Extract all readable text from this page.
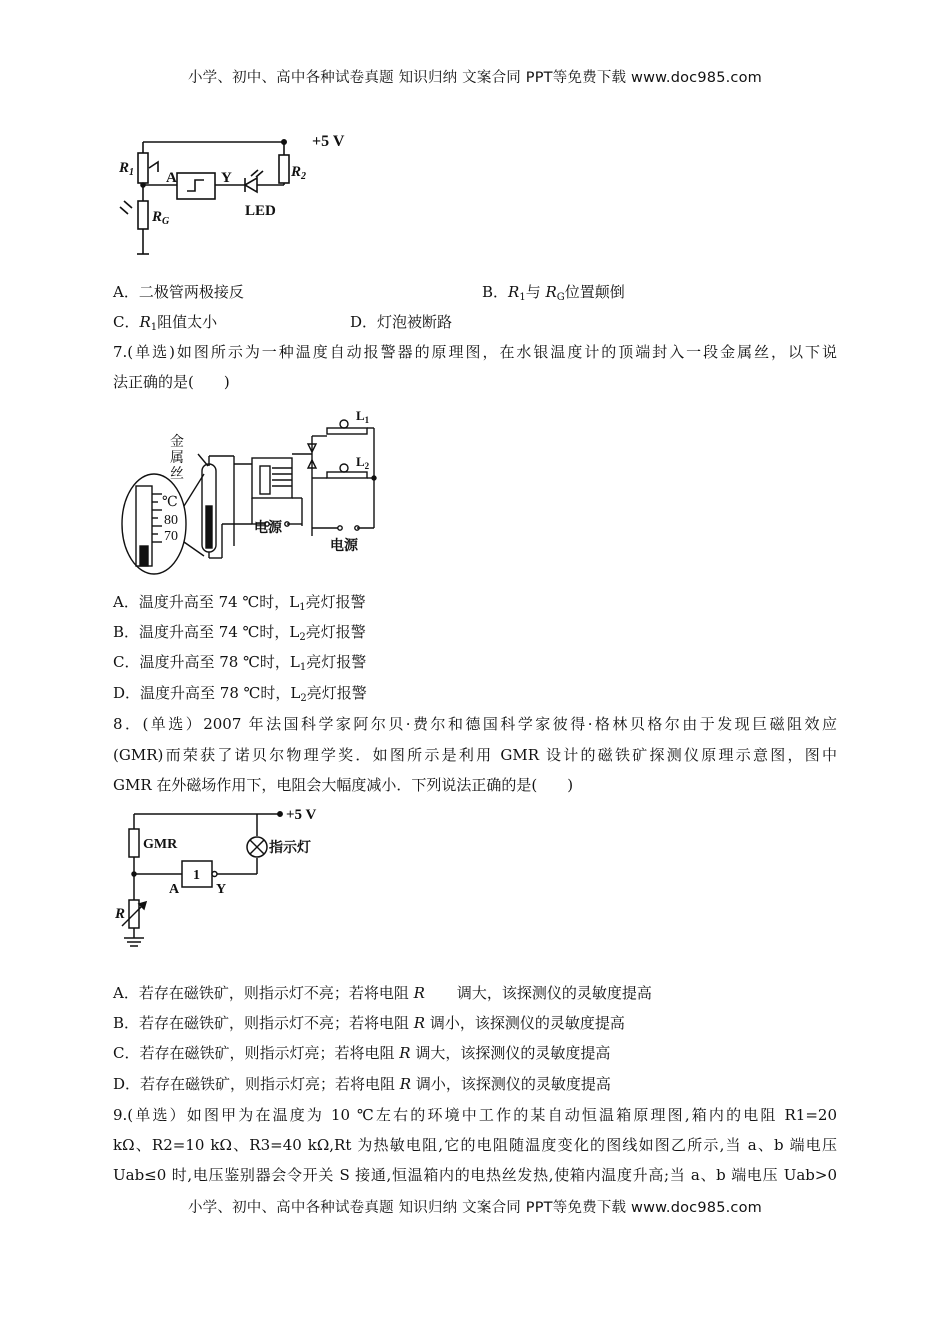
小学、初中、高中各种试卷真题 知识归纳 文案合同 PPT等免费下载 www.doc985.com
+5 V
$R_1$	$R_2$
$R_G$
A	Y
LED
A．二极管两极接反	B．$R_1$与 $R_G$位置颠倒
C．$R_1$阻值太小	D．灯泡被断路
7.(单选)如图所示为一种温度自动报警器的原理图，在水银温度计的顶端封入一段金属丝，以下说
法正确的是(　　)
金
属
丝
℃
80
70
电源
电源
$L_1$
$L_2$
A．温度升高至 74 ℃时，$L_1$亮灯报警
B．温度升高至 74 ℃时，$L_2$亮灯报警
C．温度升高至 78 ℃时，$L_1$亮灯报警
D．温度升高至 78 ℃时，$L_2$亮灯报警
8．(单选）2007 年法国科学家阿尔贝·费尔和德国科学家彼得·格林贝格尔由于发现巨磁阻效应
(GMR)而荣获了诺贝尔物理学奖．如图所示是利用 GMR 设计的磁铁矿探测仪原理示意图，图中
GMR 在外磁场作用下，电阻会大幅度减小．下列说法正确的是(　　)
+5 V
GMR	指示灯
1
A	Y
R
A．若存在磁铁矿，则指示灯不亮；若将电阻 R 调大，该探测仪的灵敏度提高
B．若存在磁铁矿，则指示灯不亮；若将电阻 R 调小，该探测仪的灵敏度提高
C．若存在磁铁矿，则指示灯亮；若将电阻 R 调大，该探测仪的灵敏度提高
D．若存在磁铁矿，则指示灯亮；若将电阻 R 调小，该探测仪的灵敏度提高
9.(单选）如图甲为在温度为 10 ℃左右的环境中工作的某自动恒温箱原理图,箱内的电阻 R1=20
kΩ、R2=10 kΩ、R3=40 kΩ,Rt 为热敏电阻,它的电阻随温度变化的图线如图乙所示,当 a、b 端电压
Uab≤0 时,电压鉴别器会令开关 S 接通,恒温箱内的电热丝发热,使箱内温度升高;当 a、b 端电压 Uab>0
小学、初中、高中各种试卷真题 知识归纳 文案合同 PPT等免费下载 www.doc985.com
